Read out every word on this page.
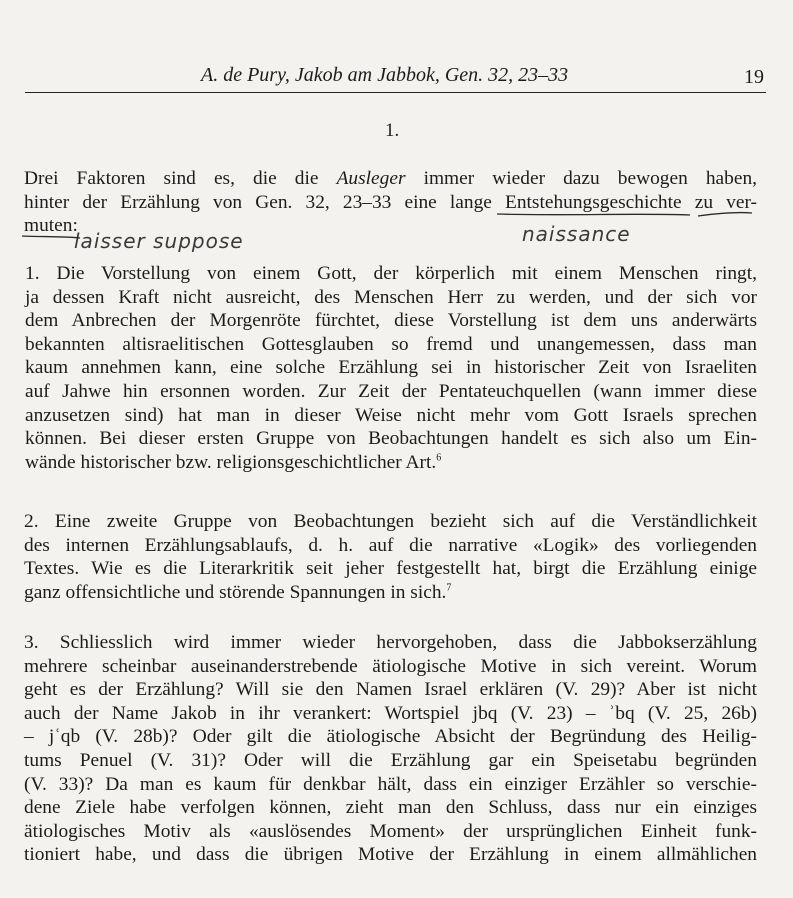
A. de Pury, Jakob am Jabbok, Gen. 32, 23–33	19
1.
Drei Faktoren sind es, die die Ausleger immer wieder dazu bewogen haben,
hinter der Erzählung von Gen. 32, 23–33 eine lange Entstehungsgeschichte zu ver-
muten:
laisser suppose	naissance
1. Die Vorstellung von einem Gott, der körperlich mit einem Menschen ringt,
ja dessen Kraft nicht ausreicht, des Menschen Herr zu werden, und der sich vor
dem Anbrechen der Morgenröte fürchtet, diese Vorstellung ist dem uns anderwärts
bekannten altisraelitischen Gottesglauben so fremd und unangemessen, dass man
kaum annehmen kann, eine solche Erzählung sei in historischer Zeit von Israeliten
auf Jahwe hin ersonnen worden. Zur Zeit der Pentateuchquellen (wann immer diese
anzusetzen sind) hat man in dieser Weise nicht mehr vom Gott Israels sprechen
können. Bei dieser ersten Gruppe von Beobachtungen handelt es sich also um Ein-
wände historischer bzw. religionsgeschichtlicher Art.$^6$
2. Eine zweite Gruppe von Beobachtungen bezieht sich auf die Verständlichkeit
des internen Erzählungsablaufs, d. h. auf die narrative «Logik» des vorliegenden
Textes. Wie es die Literarkritik seit jeher festgestellt hat, birgt die Erzählung einige
ganz offensichtliche und störende Spannungen in sich.$^7$
3. Schliesslich wird immer wieder hervorgehoben, dass die Jabbokserzählung
mehrere scheinbar auseinanderstrebende ätiologische Motive in sich vereint. Worum
geht es der Erzählung? Will sie den Namen Israel erklären (V. 29)? Aber ist nicht
auch der Name Jakob in ihr verankert: Wortspiel jbq (V. 23) – ʾbq (V. 25, 26b)
– jʿqb (V. 28b)? Oder gilt die ätiologische Absicht der Begründung des Heilig-
tums Penuel (V. 31)? Oder will die Erzählung gar ein Speisetabu begründen
(V. 33)? Da man es kaum für denkbar hält, dass ein einziger Erzähler so verschie-
dene Ziele habe verfolgen können, zieht man den Schluss, dass nur ein einziges
ätiologisches Motiv als «auslösendes Moment» der ursprünglichen Einheit funk-
tioniert habe, und dass die übrigen Motive der Erzählung in einem allmählichen
